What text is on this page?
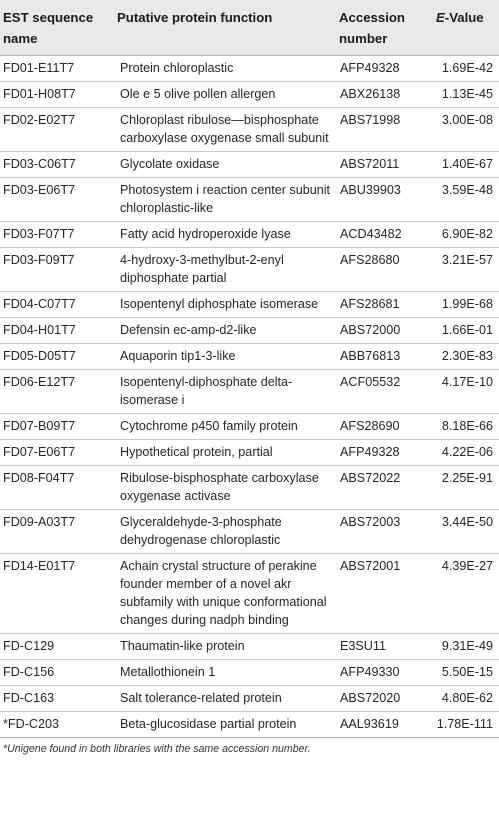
EST sequence name	Putative protein function	Accession number	E-Value
FD01-E11T7	Protein chloroplastic	AFP49328	1.69E-42
FD01-H08T7	Ole e 5 olive pollen allergen	ABX26138	1.13E-45
FD02-E02T7	Chloroplast ribulose—bisphosphate carboxylase oxygenase small subunit	ABS71998	3.00E-08
FD03-C06T7	Glycolate oxidase	ABS72011	1.40E-67
FD03-E06T7	Photosystem i reaction center subunit chloroplastic-like	ABU39903	3.59E-48
FD03-F07T7	Fatty acid hydroperoxide lyase	ACD43482	6.90E-82
FD03-F09T7	4-hydroxy-3-methylbut-2-enyl diphosphate partial	AFS28680	3.21E-57
FD04-C07T7	Isopentenyl diphosphate isomerase	AFS28681	1.99E-68
FD04-H01T7	Defensin ec-amp-d2-like	ABS72000	1.66E-01
FD05-D05T7	Aquaporin tip1-3-like	ABB76813	2.30E-83
FD06-E12T7	Isopentenyl-diphosphate delta-isomerase i	ACF05532	4.17E-10
FD07-B09T7	Cytochrome p450 family protein	AFS28690	8.18E-66
FD07-E06T7	Hypothetical protein, partial	AFP49328	4.22E-06
FD08-F04T7	Ribulose-bisphosphate carboxylase oxygenase activase	ABS72022	2.25E-91
FD09-A03T7	Glyceraldehyde-3-phosphate dehydrogenase chloroplastic	ABS72003	3.44E-50
FD14-E01T7	Achain crystal structure of perakine founder member of a novel akr subfamily with unique conformational changes during nadph binding	ABS72001	4.39E-27
FD-C129	Thaumatin-like protein	E3SU11	9.31E-49
FD-C156	Metallothionein 1	AFP49330	5.50E-15
FD-C163	Salt tolerance-related protein	ABS72020	4.80E-62
*FD-C203	Beta-glucosidase partial protein	AAL93619	1.78E-111
*Unigene found in both libraries with the same accession number.
